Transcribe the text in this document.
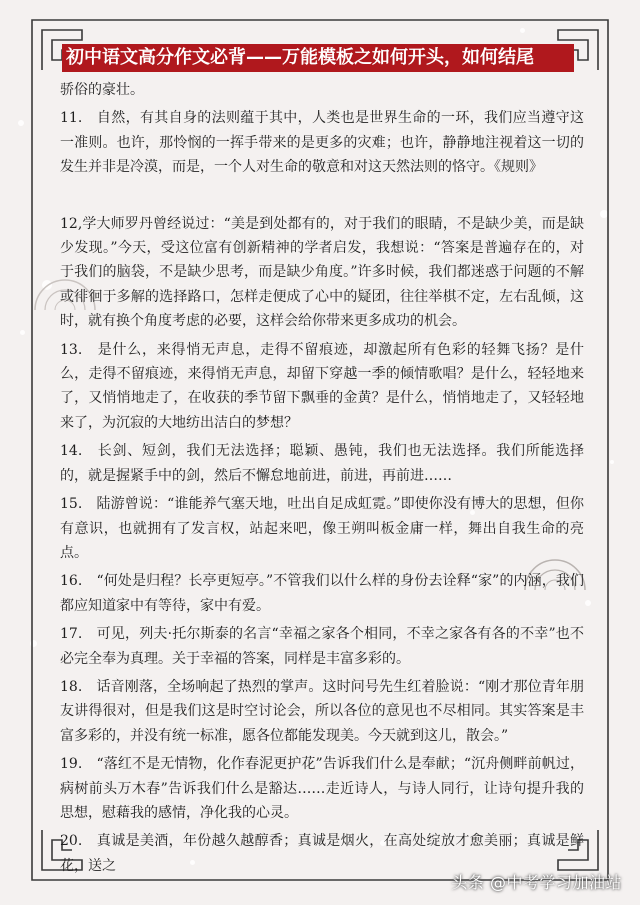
初中语文高分作文必背——万能模板之如何开头，如何结尾

骄俗的豪壮。

11.　自然，有其自身的法则蕴于其中，人类也是世界生命的一环，我们应当遵守这一准则。也许，那怜悯的一挥手带来的是更多的灾难；也许，静静地注视着这一切的发生并非是冷漠，而是，一个人对生命的敬意和对这天然法则的恪守。《规则》

12,学大师罗丹曾经说过：“美是到处都有的，对于我们的眼睛，不是缺少美，而是缺少发现。”今天，受这位富有创新精神的学者启发，我想说：“答案是普遍存在的，对于我们的脑袋，不是缺少思考，而是缺少角度。”许多时候，我们都迷惑于问题的不解或徘徊于多解的选择路口，怎样走便成了心中的疑团，往往举棋不定，左右乱倾，这时，就有换个角度考虑的必要，这样会给你带来更多成功的机会。

13.　是什么，来得悄无声息，走得不留痕迹，却激起所有色彩的轻舞飞扬？是什么，走得不留痕迹，来得悄无声息，却留下穿越一季的倾情歌唱？是什么，轻轻地来了，又悄悄地走了，在收获的季节留下飘垂的金黄？是什么，悄悄地走了，又轻轻地来了，为沉寂的大地纺出洁白的梦想？

14.　长剑、短剑，我们无法选择；聪颖、愚钝，我们也无法选择。我们所能选择的，就是握紧手中的剑，然后不懈怠地前进，前进，再前进……

15.　陆游曾说：“谁能养气塞天地，吐出自足成虹霓。”即使你没有博大的思想，但你有意识，也就拥有了发言权，站起来吧，像王朔叫板金庸一样，舞出自我生命的亮点。

16.　“何处是归程？长亭更短亭。”不管我们以什么样的身份去诠释“家”的内涵，我们都应知道家中有等待，家中有爱。

17.　可见，列夫·托尔斯泰的名言“幸福之家各个相同，不幸之家各有各的不幸”也不必完全奉为真理。关于幸福的答案，同样是丰富多彩的。

18.　话音刚落，全场响起了热烈的掌声。这时问号先生红着脸说：“刚才那位青年朋友讲得很对，但是我们这是时空讨论会，所以各位的意见也不尽相同。其实答案是丰富多彩的，并没有统一标准，愿各位都能发现美。今天就到这儿，散会。”

19.　“落红不是无情物，化作春泥更护花”告诉我们什么是奉献；“沉舟侧畔前帆过，病树前头万木春”告诉我们什么是豁达……走近诗人，与诗人同行，让诗句提升我的思想，慰藉我的感情，净化我的心灵。

20.　真诚是美酒，年份越久越醇香；真诚是烟火，在高处绽放才愈美丽；真诚是鲜花，送之

头条 @中考学习加油站
